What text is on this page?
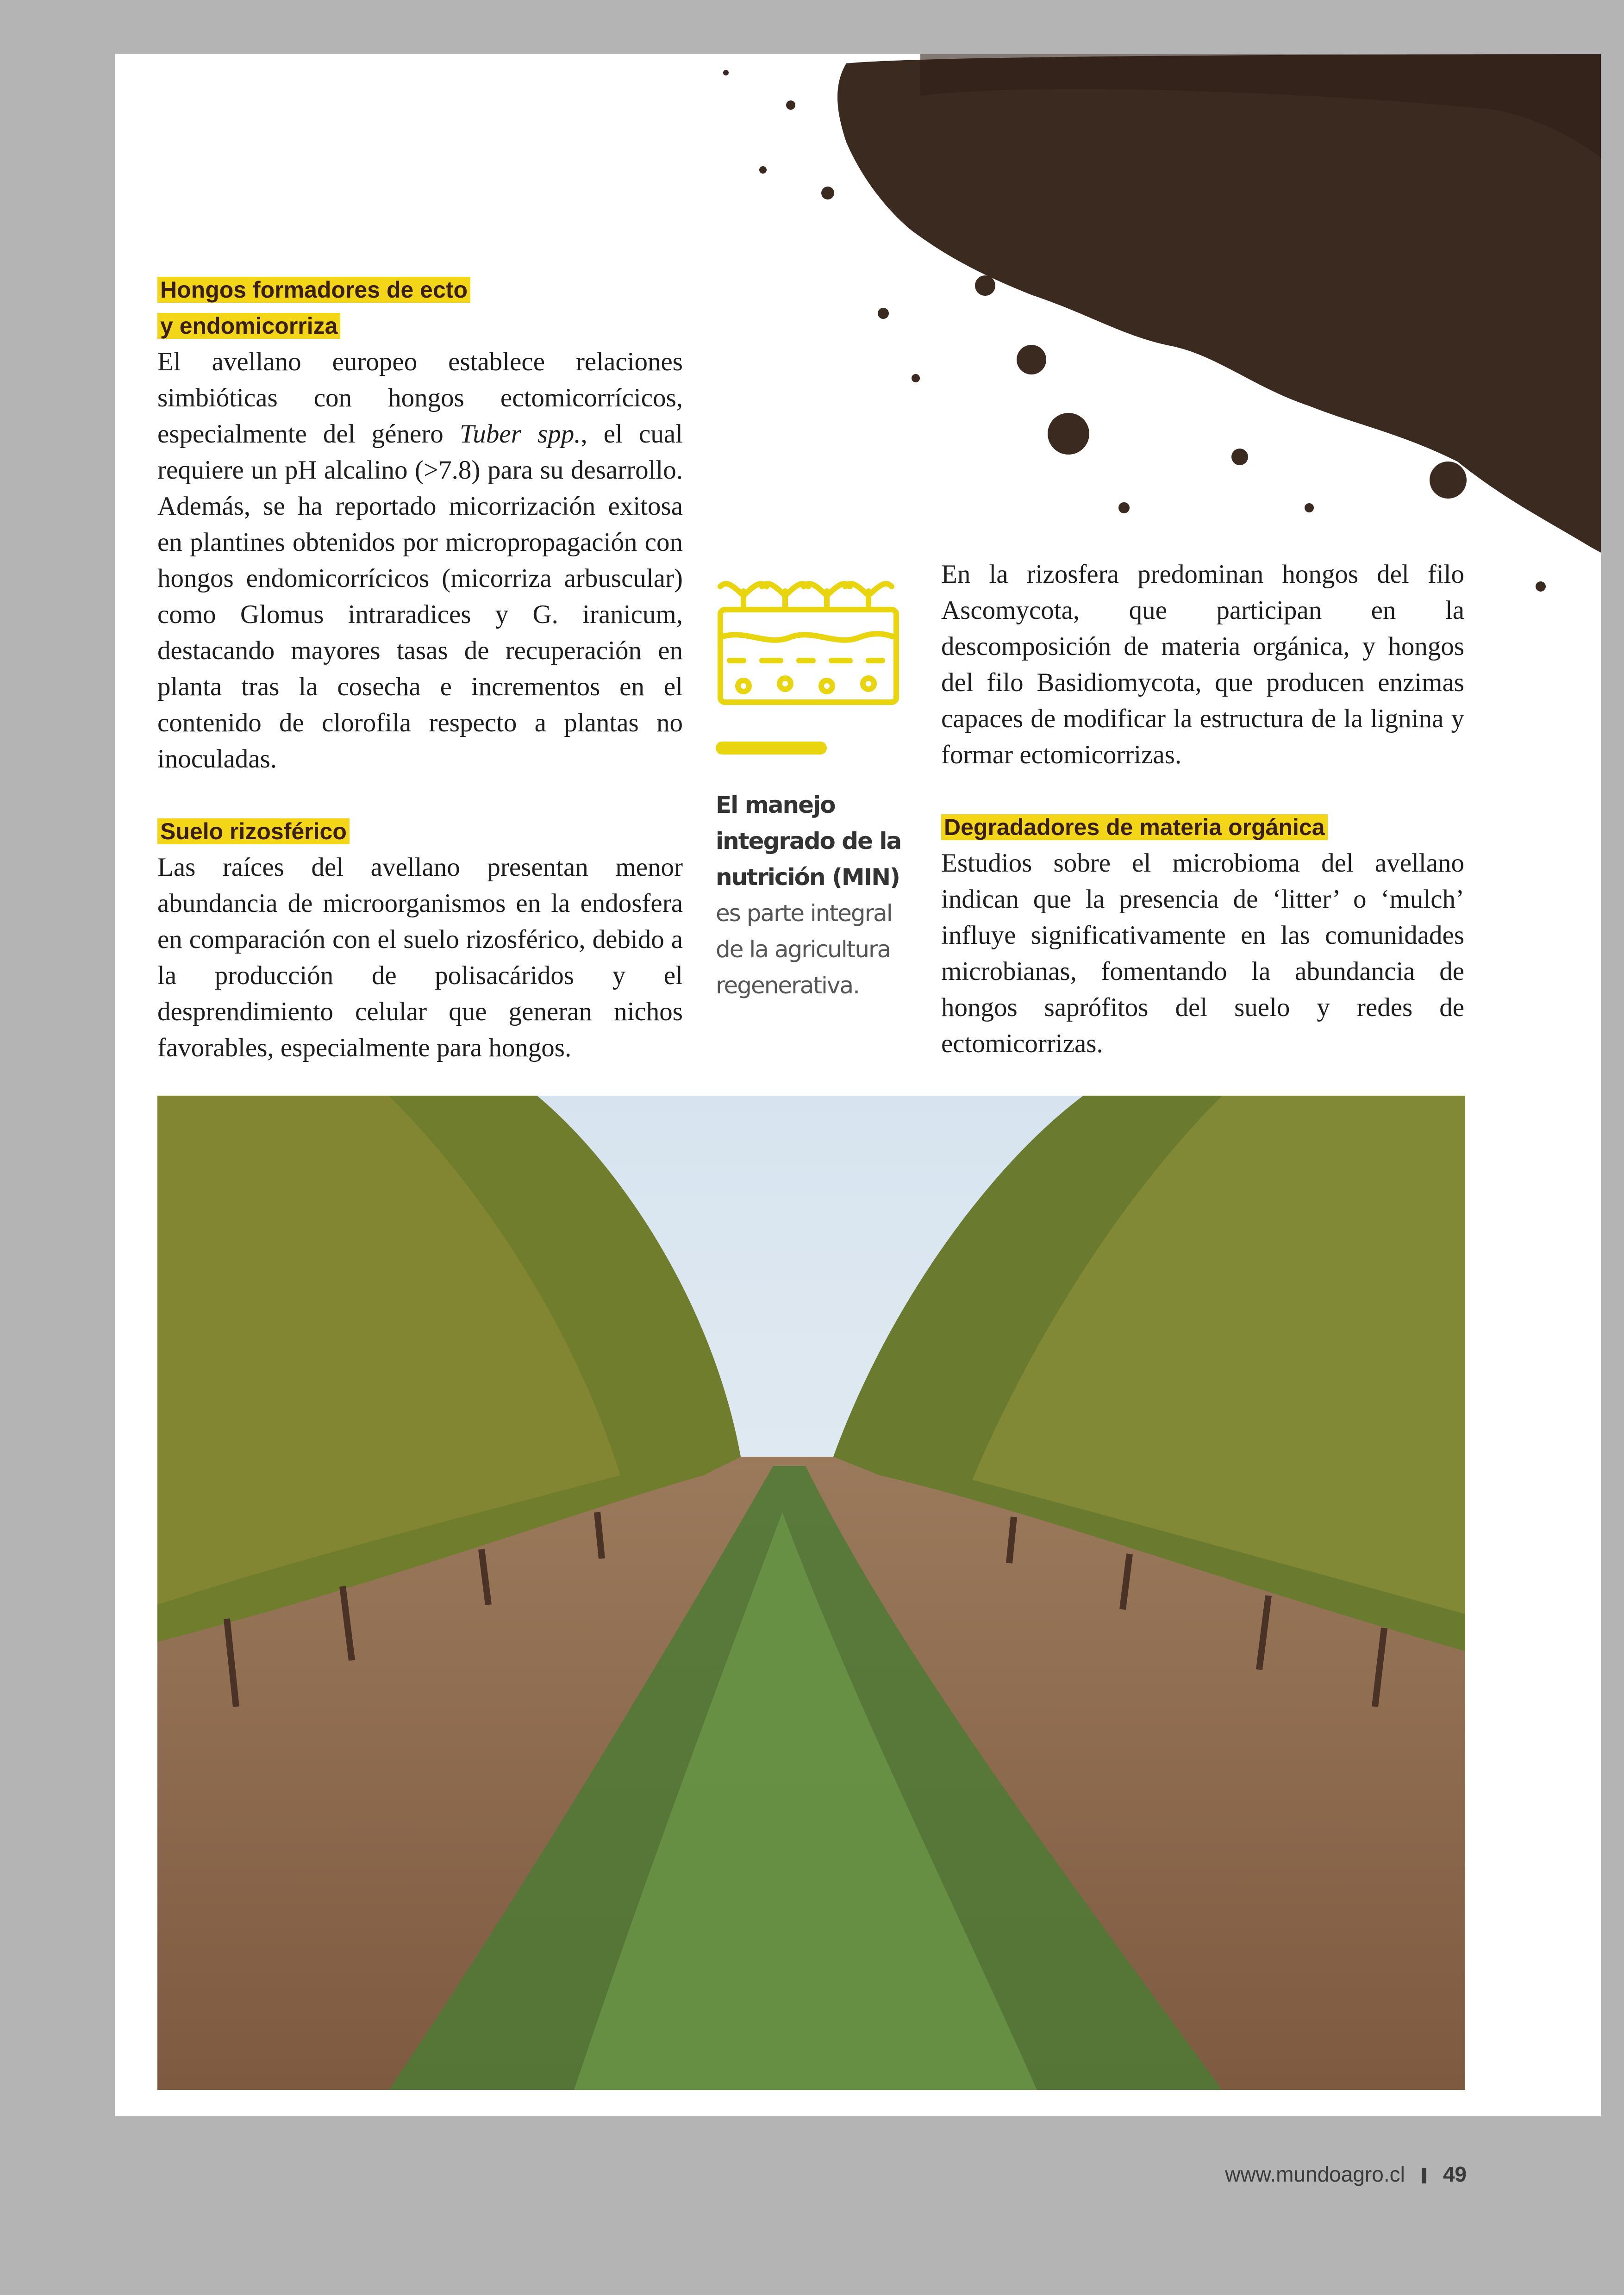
Hongos formadores de ecto
y endomicorriza

El avellano europeo establece relaciones simbióticas con hongos ectomicorrícicos, especialmente del género Tuber spp., el cual requiere un pH alcalino (>7.8) para su desarrollo. Además, se ha reportado micorrización exitosa en plantines obtenidos por micropropagación con hongos endomicorrícicos (micorriza arbuscular) como Glomus intraradices y G. iranicum, destacando mayores tasas de recuperación en planta tras la cosecha e incrementos en el contenido de clorofila respecto a plantas no inoculadas.

Suelo rizosférico

Las raíces del avellano presentan menor abundancia de microorganismos en la endosfera en comparación con el suelo rizosférico, debido a la producción de polisacáridos y el desprendimiento celular que generan nichos favorables, especialmente para hongos.

El manejo integrado de la nutrición (MIN) es parte integral de la agricultura regenerativa.

En la rizosfera predominan hongos del filo Ascomycota, que participan en la descomposición de materia orgánica, y hongos del filo Basidiomycota, que producen enzimas capaces de modificar la estructura de la lignina y formar ectomicorrizas.

Degradadores de materia orgánica

Estudios sobre el microbioma del avellano indican que la presencia de ‘litter’ o ‘mulch’ influye significativamente en las comunidades microbianas, fomentando la abundancia de hongos saprófitos del suelo y redes de ectomicorrizas.

www.mundoagro.cl 49
